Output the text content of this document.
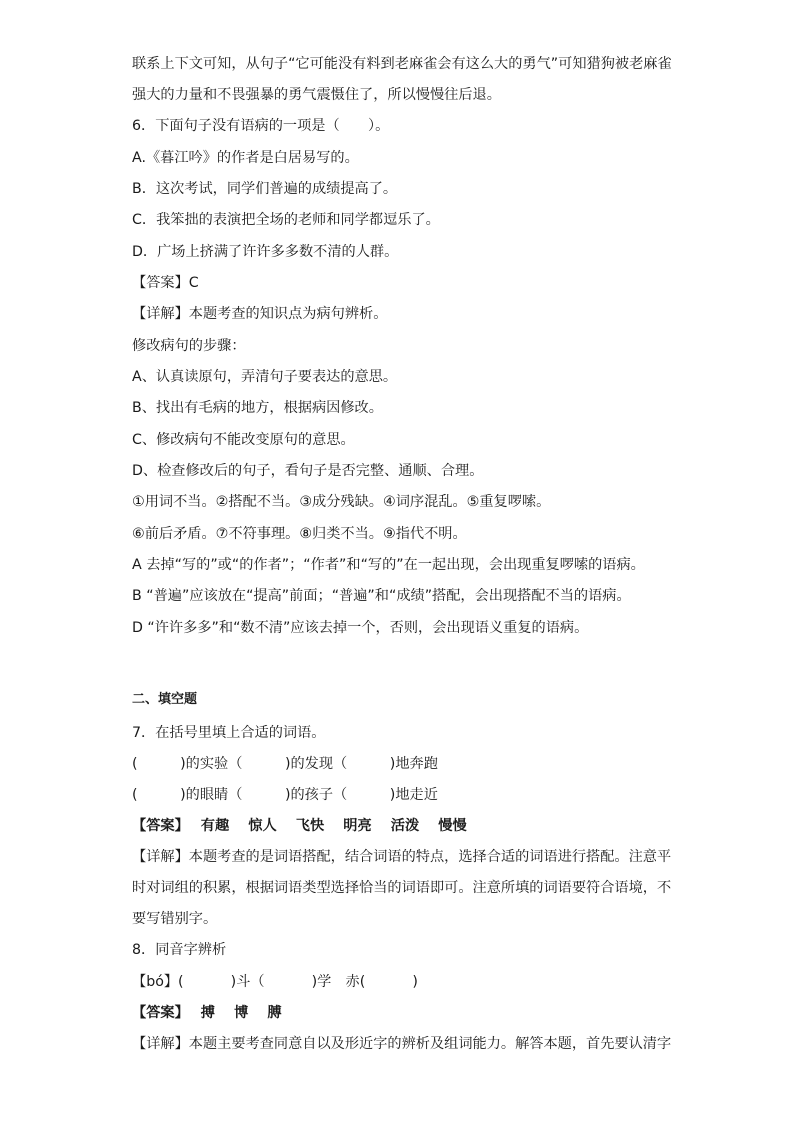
联系上下文可知，从句子“它可能没有料到老麻雀会有这么大的勇气”可知猎狗被老麻雀
强大的力量和不畏强暴的勇气震慑住了，所以慢慢往后退。
6．下面句子没有语病的一项是（　　）。
A.《暮江吟》的作者是白居易写的。
B．这次考试，同学们普遍的成绩提高了。
C．我笨拙的表演把全场的老师和同学都逗乐了。
D．广场上挤满了许许多多数不清的人群。
【答案】C
【详解】本题考查的知识点为病句辨析。
修改病句的步骤：
A、认真读原句，弄清句子要表达的意思。
B、找出有毛病的地方，根据病因修改。
C、修改病句不能改变原句的意思。
D、检查修改后的句子，看句子是否完整、通顺、合理。
①用词不当。②搭配不当。③成分残缺。④词序混乱。⑤重复啰嗦。
⑥前后矛盾。⑦不符事理。⑧归类不当。⑨指代不明。
A 去掉“写的”或“的作者”；“作者”和“写的”在一起出现，会出现重复啰嗦的语病。
B “普遍”应该放在“提高”前面；“普遍”和“成绩”搭配，会出现搭配不当的语病。
D “许许多多”和“数不清”应该去掉一个，否则，会出现语义重复的语病。
二、填空题
7．在括号里填上合适的词语。
(　　　)的实验（　　　)的发现（　　　)地奔跑
(　　　)的眼睛（　　　)的孩子（　　　)地走近
【答案】　 有趣　 惊人　 飞快　 明亮　 活泼　 慢慢
【详解】本题考查的是词语搭配，结合词语的特点，选择合适的词语进行搭配。注意平
时对词组的积累，根据词语类型选择恰当的词语即可。注意所填的词语要符合语境，不
要写错别字。
8．同音字辨析
【bó】(　　　 )斗（　　　 )学　赤(　　　 )
【答案】　 搏　 博　 膊
【详解】本题主要考查同意自以及形近字的辨析及组词能力。解答本题，首先要认清字
